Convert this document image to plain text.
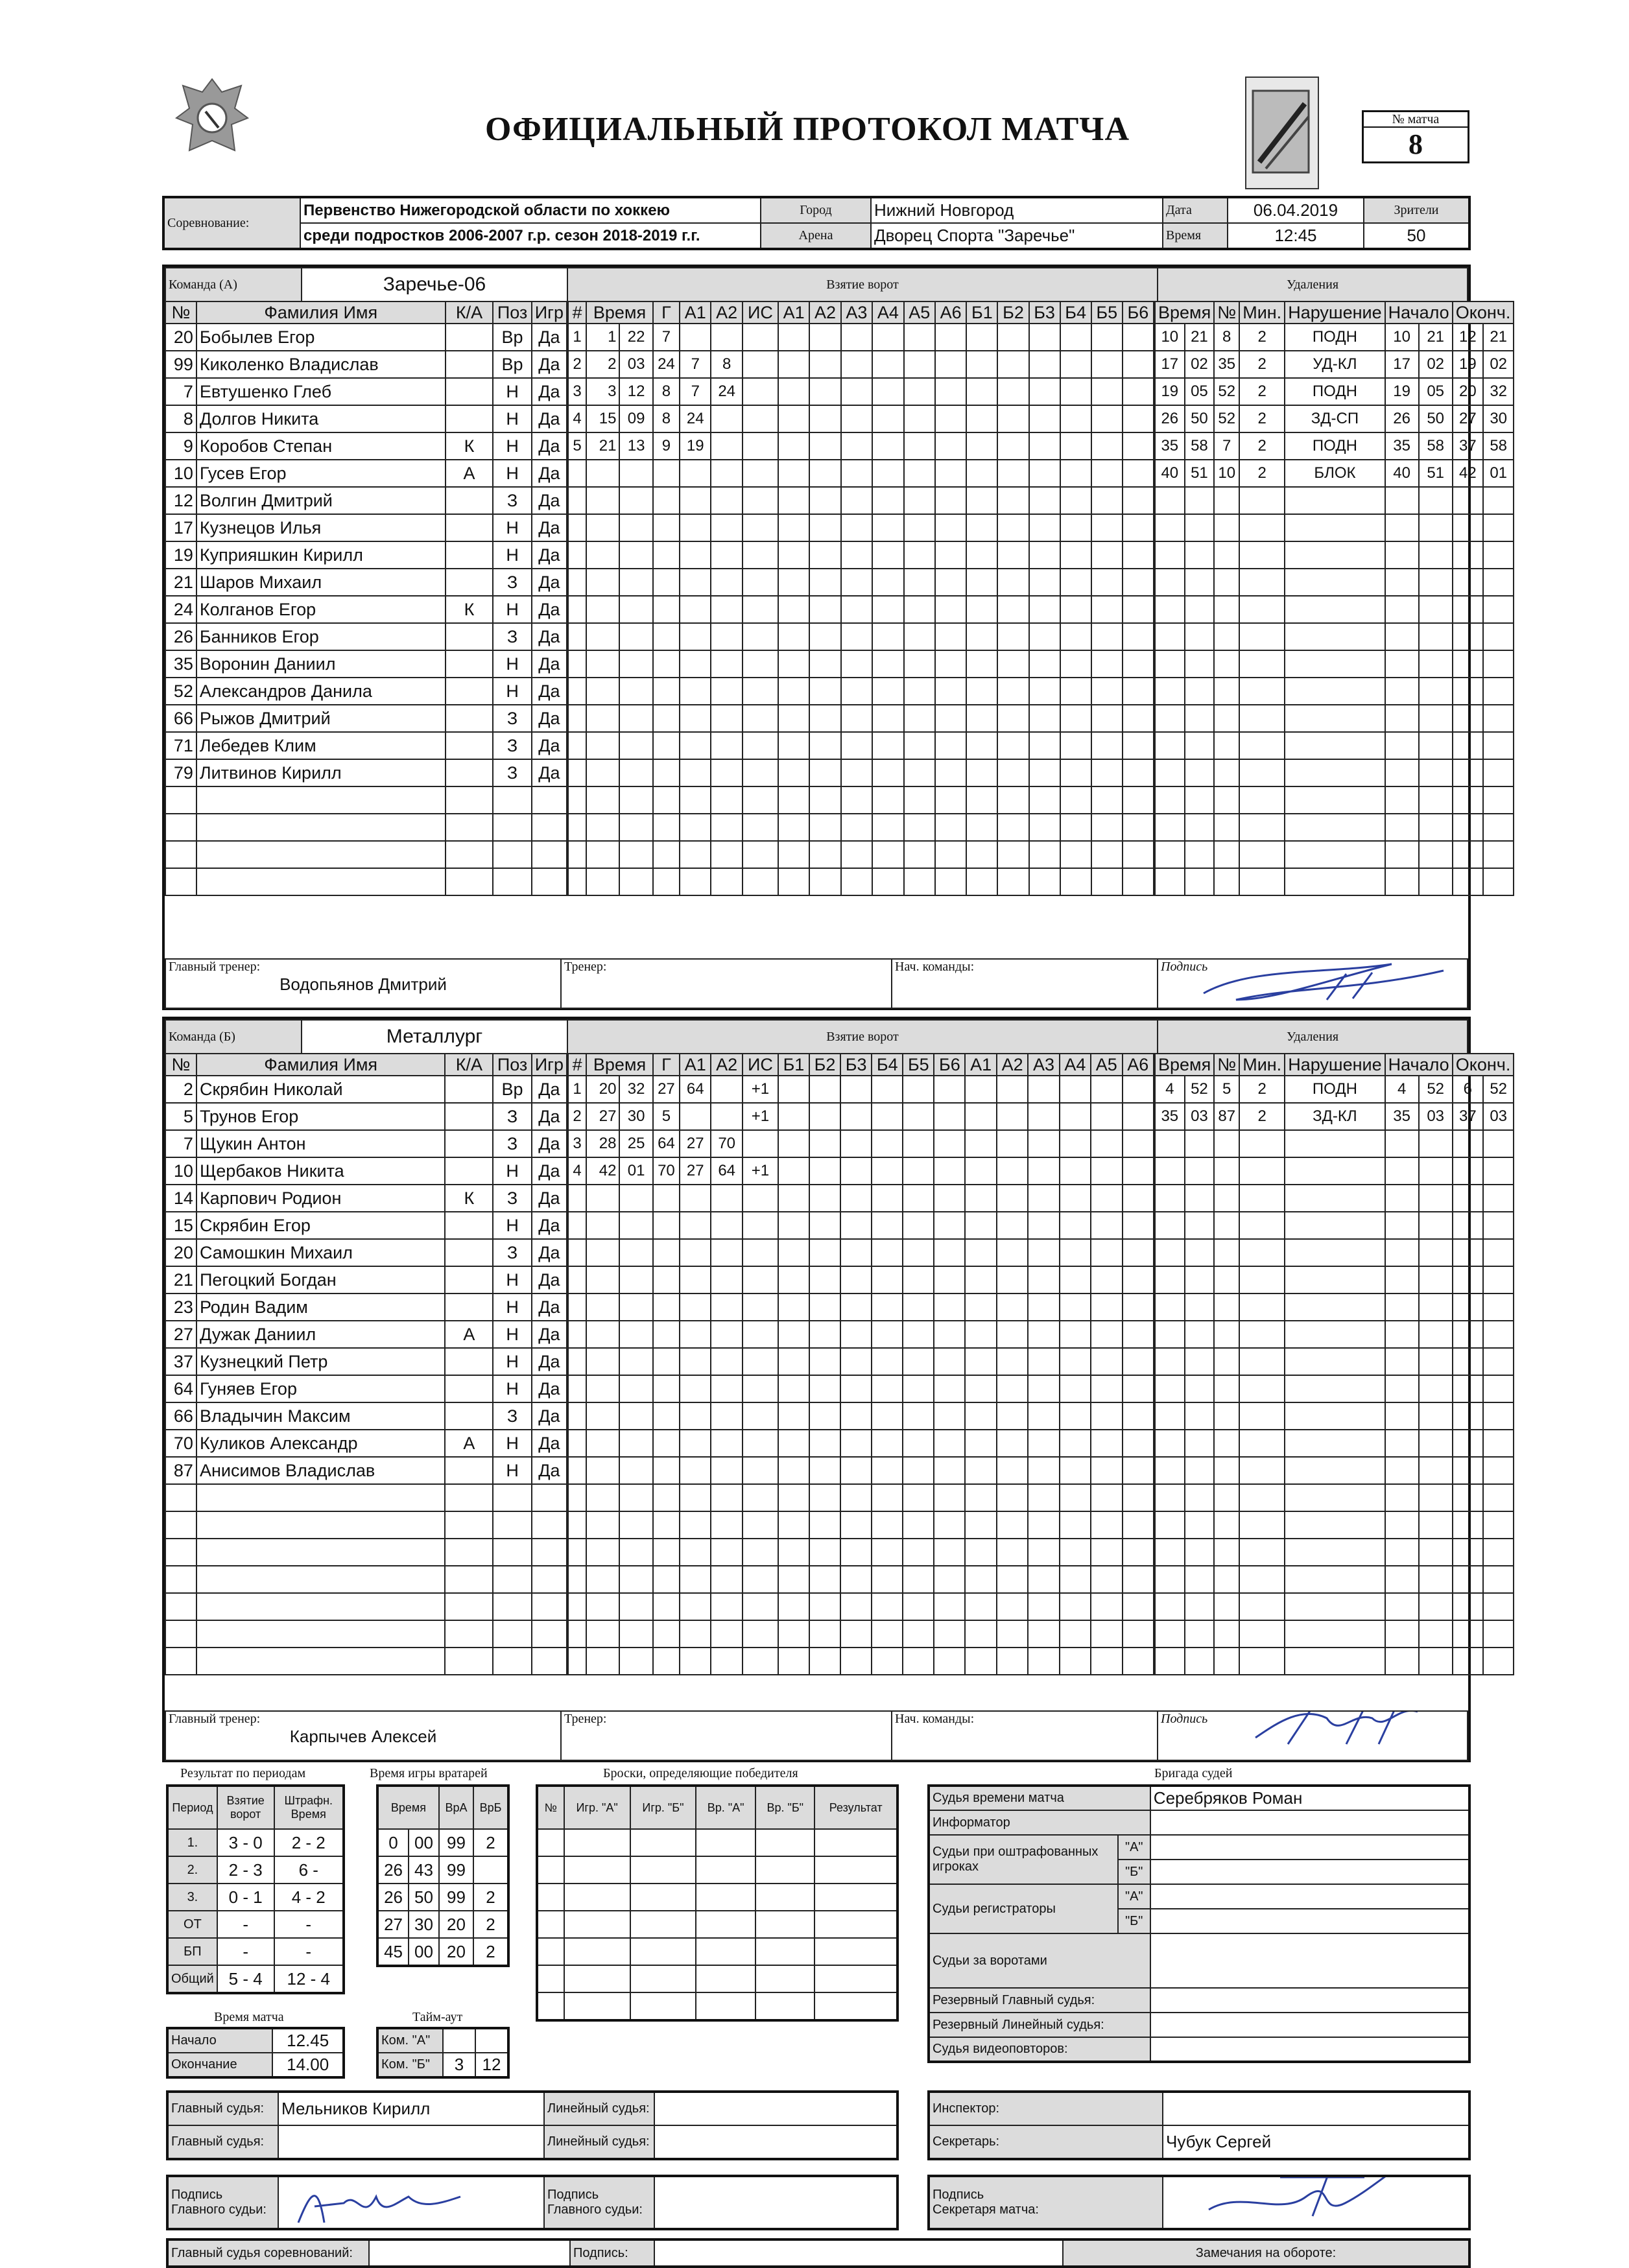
ОФИЦИАЛЬНЫЙ ПРОТОКОЛ МАТЧА	№ матча
8
Соревнование:	Первенство Нижегородской области по хоккею	Город	Нижний Новгород	Дата	06.04.2019	Зрители
	среди подростков 2006-2007 г.р. сезон 2018-2019 г.г.	Арена	Дворец Спорта "Заречье"	Время	12:45	50
Команда (А)	Заречье-06	Взятие ворот	Удаления
№	Фамилия Имя	К/А	Поз	Игр
20	Бобылев Егор		Вр	Да
99	Киколенко Владислав		Вр	Да
7	Евтушенко Глеб		Н	Да
8	Долгов Никита		Н	Да
9	Коробов Степан	К	Н	Да
10	Гусев Егор	А	Н	Да
12	Волгин Дмитрий		З	Да
17	Кузнецов Илья		Н	Да
19	Куприяшкин Кирилл		Н	Да
21	Шаров Михаил		З	Да
24	Колганов Егор	К	Н	Да
26	Банников Егор		З	Да
35	Воронин Даниил		Н	Да
52	Александров Данила		Н	Да
66	Рыжов Дмитрий		З	Да
71	Лебедев Клим		З	Да
79	Литвинов Кирилл		З	Да

#	Время		Г	А1	А2	ИС	А1	А2	А3	А4	А5	А6	Б1	Б2	Б3	Б4	Б5	Б6
1	1	22	7															
2	2	03	24	7	8													
3	3	12	8	7	24													
4	15	09	8	24														
5	21	13	9	19														

Время		№	Мин.	Нарушение	Начало		Оконч.	
10	21	8	2	ПОДН	10	21	12	21
17	02	35	2	УД-КЛ	17	02	19	02
19	05	52	2	ПОДН	19	05	20	32
26	50	52	2	ЗД-СП	26	50	27	30
35	58	7	2	ПОДН	35	58	37	58
40	51	10	2	БЛОК	40	51	42	01

Главный тренер:
Водопьянов Дмитрий
	Тренер:	Нач. команды:	Подпись
Команда (Б)	Металлург	Взятие ворот	Удаления
№	Фамилия Имя	К/А	Поз	Игр
2	Скрябин Николай		Вр	Да
5	Трунов Егор		З	Да
7	Щукин Антон		З	Да
10	Щербаков Никита		Н	Да
14	Карпович Родион	К	З	Да
15	Скрябин Егор		Н	Да
20	Самошкин Михаил		З	Да
21	Пегоцкий Богдан		Н	Да
23	Родин Вадим		Н	Да
27	Дужак Даниил	А	Н	Да
37	Кузнецкий Петр		Н	Да
64	Гуняев Егор		Н	Да
66	Владычин Максим		З	Да
70	Куликов Александр	А	Н	Да
87	Анисимов Владислав		Н	Да

#	Время		Г	А1	А2	ИС	Б1	Б2	Б3	Б4	Б5	Б6	А1	А2	А3	А4	А5	А6
1	20	32	27	64		+1												
2	27	30	5			+1												
3	28	25	64	27	70													
4	42	01	70	27	64	+1												

Время		№	Мин.	Нарушение	Начало		Оконч.	
4	52	5	2	ПОДН	4	52	6	52
35	03	87	2	ЗД-КЛ	35	03	37	03

Главный тренер:
Карпычев Алексей
	Тренер:	Нач. команды:	Подпись
Результат по периодам	Время игры вратарей	Броски, определяющие победителя	Бригада судей
Период	Взятие ворот	Штрафн. Время
1.	3 - 0	2 - 2
2.	2 - 3	6 -
3.	0 - 1	4 - 2
ОТ	-	-
БП	-	-
Общий	5 - 4	12 - 4
Время		ВрА	ВрБ
0	00	99	2
26	43	99	
26	50	99	2
27	30	20	2
45	00	20	2
№	Игр. "А"	Игр. "Б"	Вр. "А"	Вр. "Б"	Результат

Время матча
Начало	12.45
Окончание	14.00
Тайм-аут
Ком. "А"		
Ком. "Б"	3	12
Судья времени матча		Серебряков Роман
Информатор		
Судьи при оштрафованных игроках	"А"	
	"Б"	
Судьи регистраторы	"А"	
	"Б"	
Судьи за воротами		
Резервный Главный судья:		
Резервный Линейный судья:		
Судья видеоповторов:		
Главный судья:	Мельников Кирилл	Линейный судья:	
Главный судья:		Линейный судья:	
Инспектор:	
Секретарь:	Чубук Сергей
Подпись
Главного судьи:

Подпись
Главного судьи:

Подпись
Секретаря матча:

Главный судья соревнований:		Подпись:		Замечания на обороте:
